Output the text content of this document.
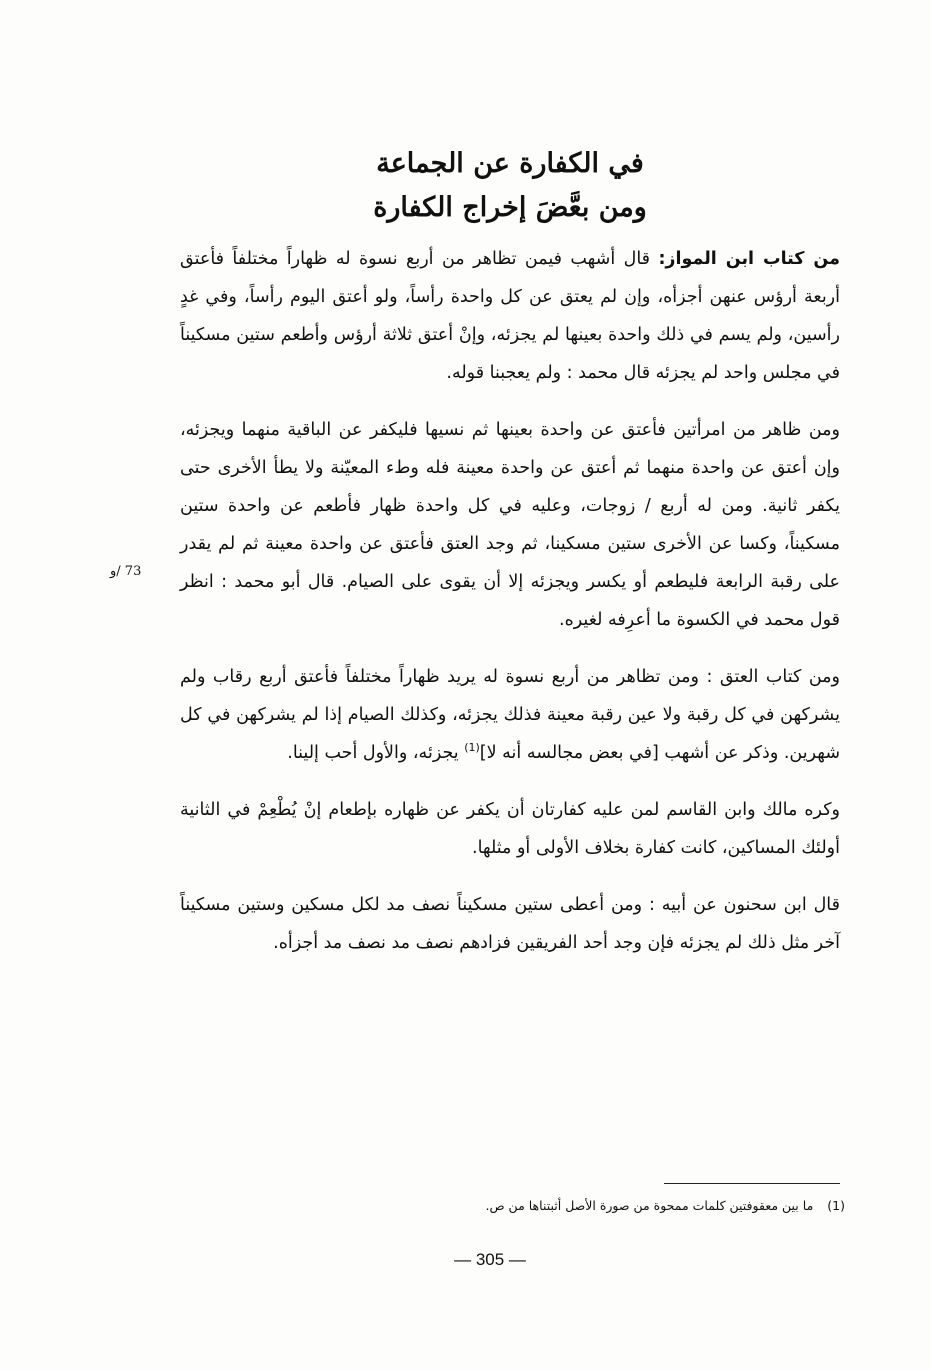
في الكفارة عن الجماعة
ومن بعَّضَ إخراج الكفارة
73 /و

من كتاب ابن المواز: قال أشهب فيمن تظاهر من أربع نسوة له ظهاراً مختلفاً فأعتق أربعة أرؤس عنهن أجزأه، وإن لم يعتق عن كل واحدة رأساً، ولو أعتق اليوم رأساً، وفي غدٍ رأسين، ولم يسم في ذلك واحدة بعينها لم يجزئه، وإنْ أعتق ثلاثة أرؤس وأطعم ستين مسكيناً في مجلس واحد لم يجزئه قال محمد : ولم يعجبنا قوله.

ومن ظاهر من امرأتين فأعتق عن واحدة بعينها ثم نسيها فليكفر عن الباقية منهما ويجزئه، وإن أعتق عن واحدة منهما ثم أعتق عن واحدة معينة فله وطء المعيّنة ولا يطأ الأخرى حتى يكفر ثانية. ومن له أربع / زوجات، وعليه في كل واحدة ظهار فأطعم عن واحدة ستين مسكيناً، وكسا عن الأخرى ستين مسكينا، ثم وجد العتق فأعتق عن واحدة معينة ثم لم يقدر على رقبة الرابعة فليطعم أو يكسر ويجزئه إلا أن يقوى على الصيام. قال أبو محمد : انظر قول محمد في الكسوة ما أعرِفه لغيره.

ومن كتاب العتق : ومن تظاهر من أربع نسوة له يريد ظهاراً مختلفاً فأعتق أربع رقاب ولم يشركهن في كل رقبة ولا عين رقبة معينة فذلك يجزئه، وكذلك الصيام إذا لم يشركهن في كل شهرين. وذكر عن أشهب [في بعض مجالسه أنه لا]$^{(1)}$ يجزئه، والأول أحب إلينا.

وكره مالك وابن القاسم لمن عليه كفارتان أن يكفر عن ظهاره بإطعام إنْ يُطْعِمْ في الثانية أولئك المساكين، كانت كفارة بخلاف الأولى أو مثلها.

قال ابن سحنون عن أبيه : ومن أعطى ستين مسكيناً نصف مد لكل مسكين وستين مسكيناً آخر مثل ذلك لم يجزئه فإن وجد أحد الفريقين فزادهم نصف مد نصف مد أجزأه.

(1)ما بين معقوفتين كلمات ممحوة من صورة الأصل أثبتناها من ص.
— 305 —
